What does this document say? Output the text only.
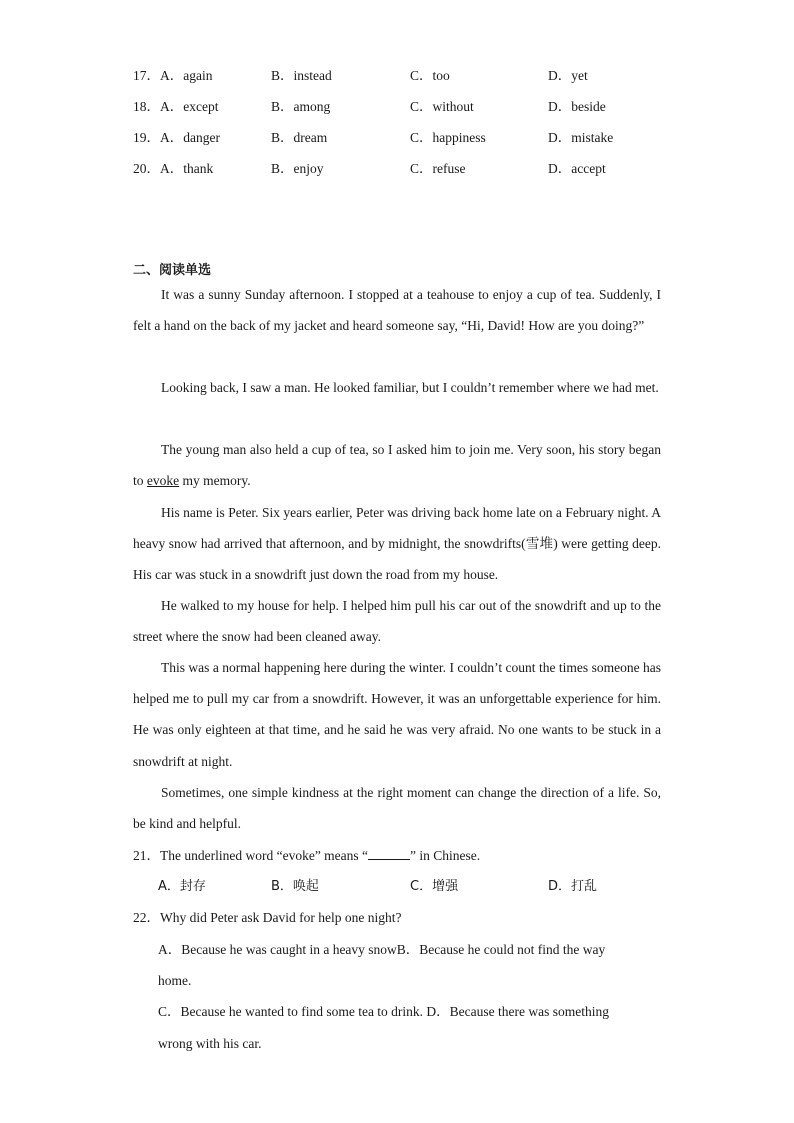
17．A．again	B．instead	C．too	D．yet
18．A．except	B．among	C．without	D．beside
19．A．danger	B．dream	C．happiness	D．mistake
20．A．thank	B．enjoy	C．refuse	D．accept
二、阅读单选

It was a sunny Sunday afternoon. I stopped at a teahouse to enjoy a cup of tea. Suddenly, I felt a hand on the back of my jacket and heard someone say, “Hi, David! How are you doing?”

Looking back, I saw a man. He looked familiar, but I couldn’t remember where we had met.

The young man also held a cup of tea, so I asked him to join me. Very soon, his story began to evoke my memory.

His name is Peter. Six years earlier, Peter was driving back home late on a February night. A heavy snow had arrived that afternoon, and by midnight, the snowdrifts(雪堆) were getting deep. His car was stuck in a snowdrift just down the road from my house.

He walked to my house for help. I helped him pull his car out of the snowdrift and up to the street where the snow had been cleaned away.

This was a normal happening here during the winter. I couldn’t count the times someone has helped me to pull my car from a snowdrift. However, it was an unforgettable experience for him. He was only eighteen at that time, and he said he was very afraid. No one wants to be stuck in a snowdrift at night.

Sometimes, one simple kindness at the right moment can change the direction of a life. So, be kind and helpful.

21．The underlined word “evoke” means “	” in Chinese.
A．封存	B．唤起	C．增强	D．打乱
22．Why did Peter ask David for help one night?
A．Because he was caught in a heavy snowB．Because he could not find the way
home.
C．Because he wanted to find some tea to drink. D．Because there was something
wrong with his car.
